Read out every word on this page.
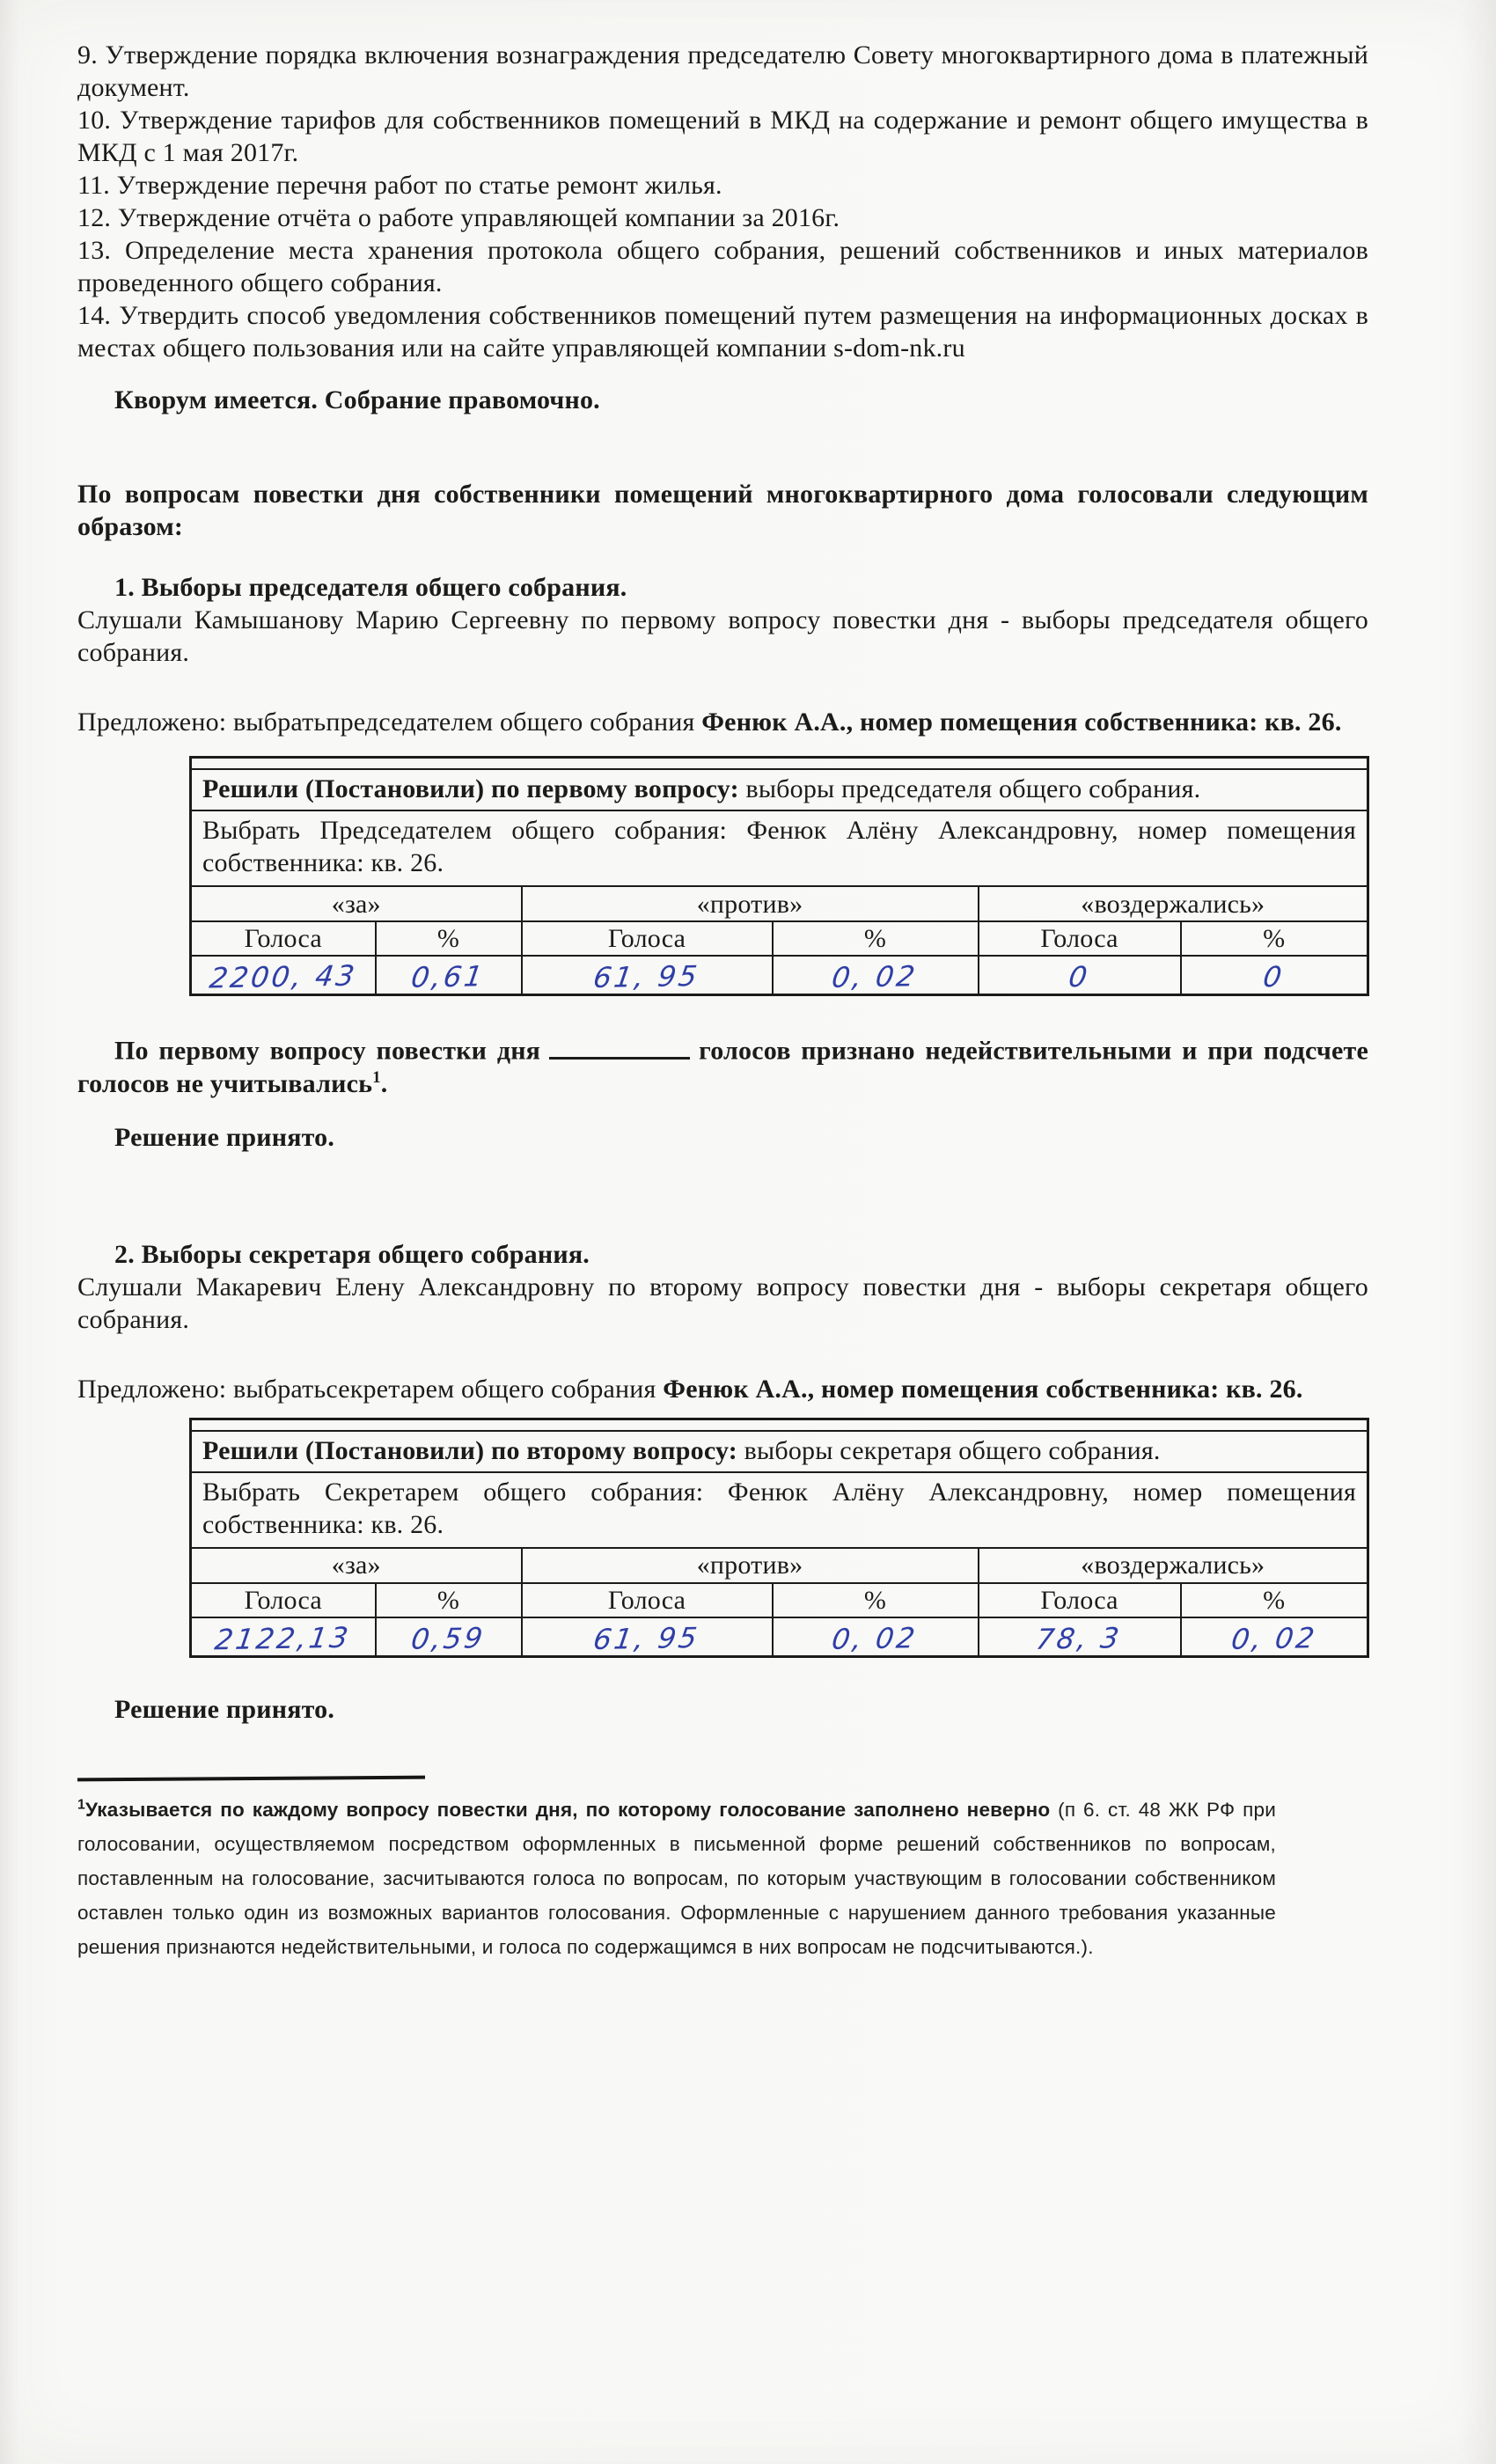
9. Утверждение порядка включения вознаграждения председателю Совету многоквартирного дома в платежный документ.

10. Утверждение тарифов для собственников помещений в МКД на содержание и ремонт общего имущества в МКД с 1 мая 2017г.

11. Утверждение перечня работ по статье ремонт жилья.

12. Утверждение отчёта о работе управляющей компании за 2016г.

13. Определение места хранения протокола общего собрания, решений собственников и иных материалов проведенного общего собрания.

14. Утвердить способ уведомления собственников помещений путем размещения на информационных досках в местах общего пользования или на сайте управляющей компании s-dom-nk.ru

Кворум имеется. Собрание правомочно.

По вопросам повестки дня собственники помещений многоквартирного дома голосовали следующим образом:

1. Выборы председателя общего собрания.

Слушали Камышанову Марию Сергеевну по первому вопросу повестки дня - выборы председателя общего собрания.

Предложено: выбратьпредседателем общего собрания Фенюк А.А., номер помещения собственника: кв. 26.

Решили (Постановили) по первому вопросу: выборы председателя общего собрания.					
Выбрать Председателем общего собрания: Фенюк Алёну Александровну, номер помещения собственника: кв. 26.					
«за»		«против»		«воздержались»	
Голоса	%	Голоса	%	Голоса	%
2200, 43	0,61	61, 95	0, 02	0	0

По первому вопросу повестки дня	голосов признано недействительными и при подсчете голосов не учитывались$^1$.

Решение принято.

2. Выборы секретаря общего собрания.

Слушали Макаревич Елену Александровну по второму вопросу повестки дня - выборы секретаря общего собрания.

Предложено: выбратьсекретарем общего собрания Фенюк А.А., номер помещения собственника: кв. 26.

Решили (Постановили) по второму вопросу: выборы секретаря общего собрания.					
Выбрать Секретарем общего собрания: Фенюк Алёну Александровну, номер помещения собственника: кв. 26.					
«за»		«против»		«воздержались»	
Голоса	%	Голоса	%	Голоса	%
2122,13	0,59	61, 95	0, 02	78, 3	0, 02

Решение принято.

$^1$Указывается по каждому вопросу повестки дня, по которому голосование заполнено неверно (п 6. ст. 48 ЖК РФ при голосовании, осуществляемом посредством оформленных в письменной форме решений собственников по вопросам, поставленным на голосование, засчитываются голоса по вопросам, по которым участвующим в голосовании собственником оставлен только один из возможных вариантов голосования. Оформленные с нарушением данного требования указанные решения признаются недействительными, и голоса по содержащимся в них вопросам не подсчитываются.).
